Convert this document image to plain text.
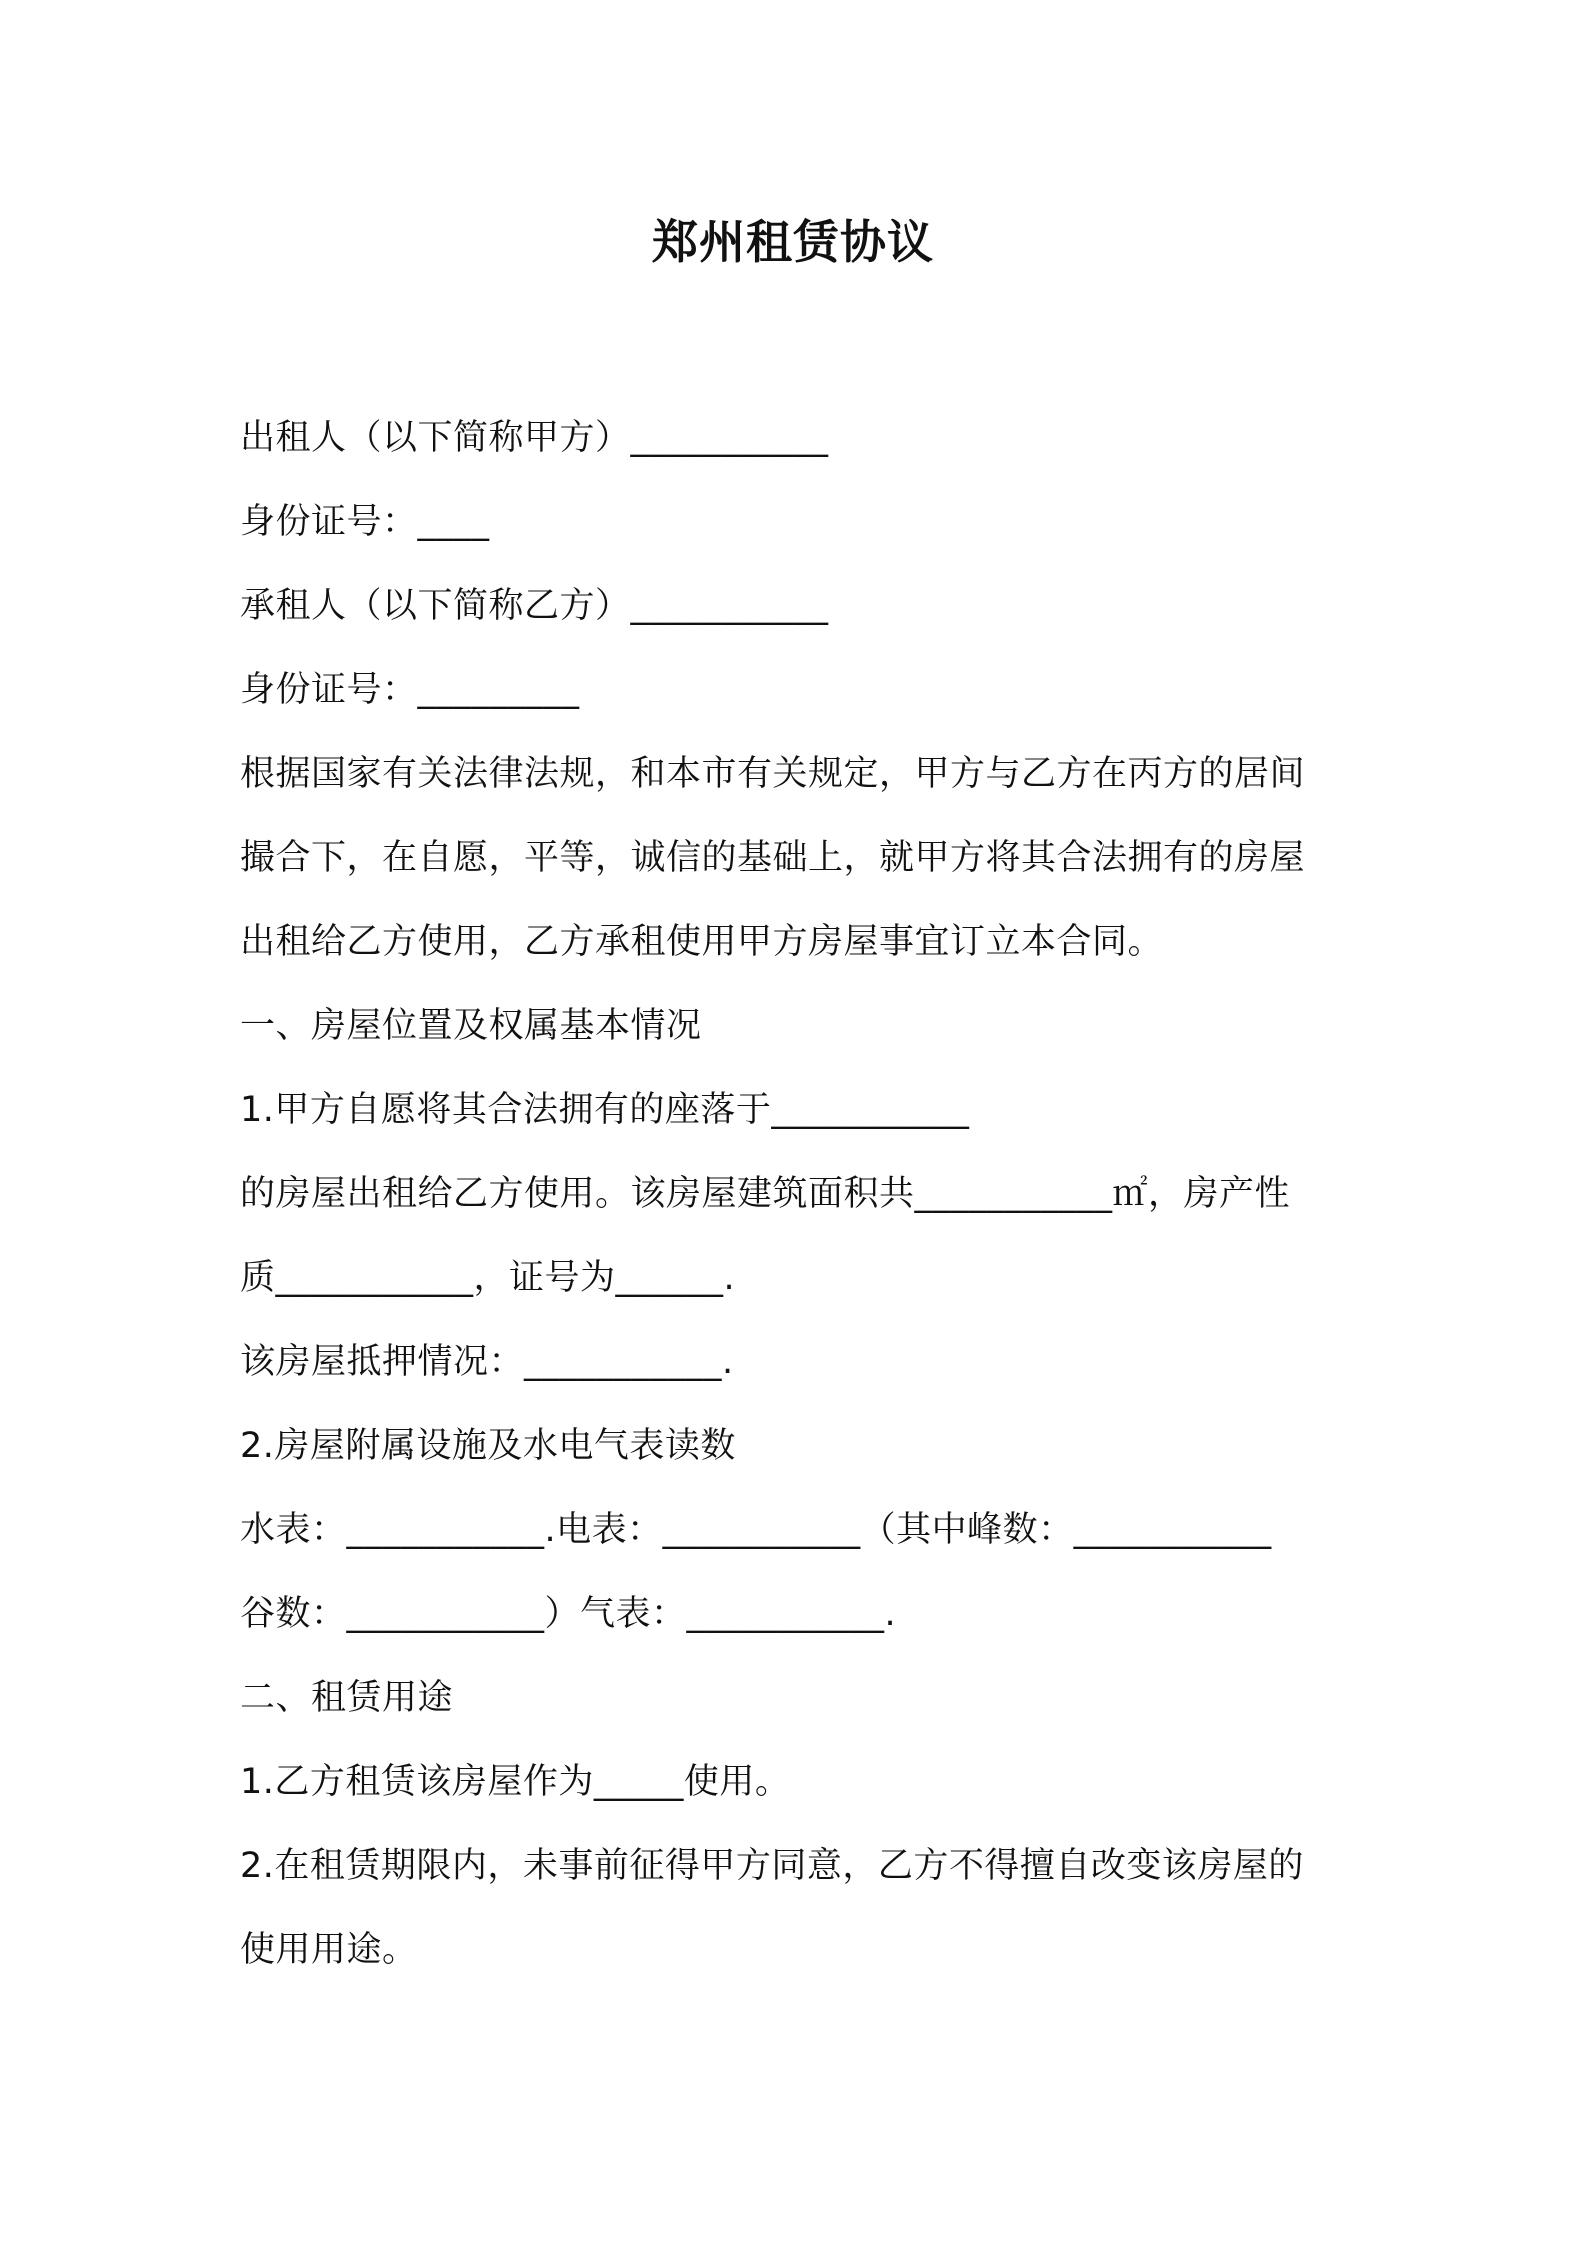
郑州租赁协议
出租人（以下简称甲方）___________
身份证号：____
承租人（以下简称乙方）___________
身份证号：_________
根据国家有关法律法规，和本市有关规定，甲方与乙方在丙方的居间
撮合下，在自愿，平等，诚信的基础上，就甲方将其合法拥有的房屋
出租给乙方使用，乙方承租使用甲方房屋事宜订立本合同。
一、房屋位置及权属基本情况
1.甲方自愿将其合法拥有的座落于___________
的房屋出租给乙方使用。该房屋建筑面积共___________㎡，房产性
质___________，证号为______.
该房屋抵押情况：___________.
2.房屋附属设施及水电气表读数
水表：___________.电表：___________（其中峰数：___________
谷数：___________）气表：___________.
二、租赁用途
1.乙方租赁该房屋作为_____使用。
2.在租赁期限内，未事前征得甲方同意，乙方不得擅自改变该房屋的
使用用途。
